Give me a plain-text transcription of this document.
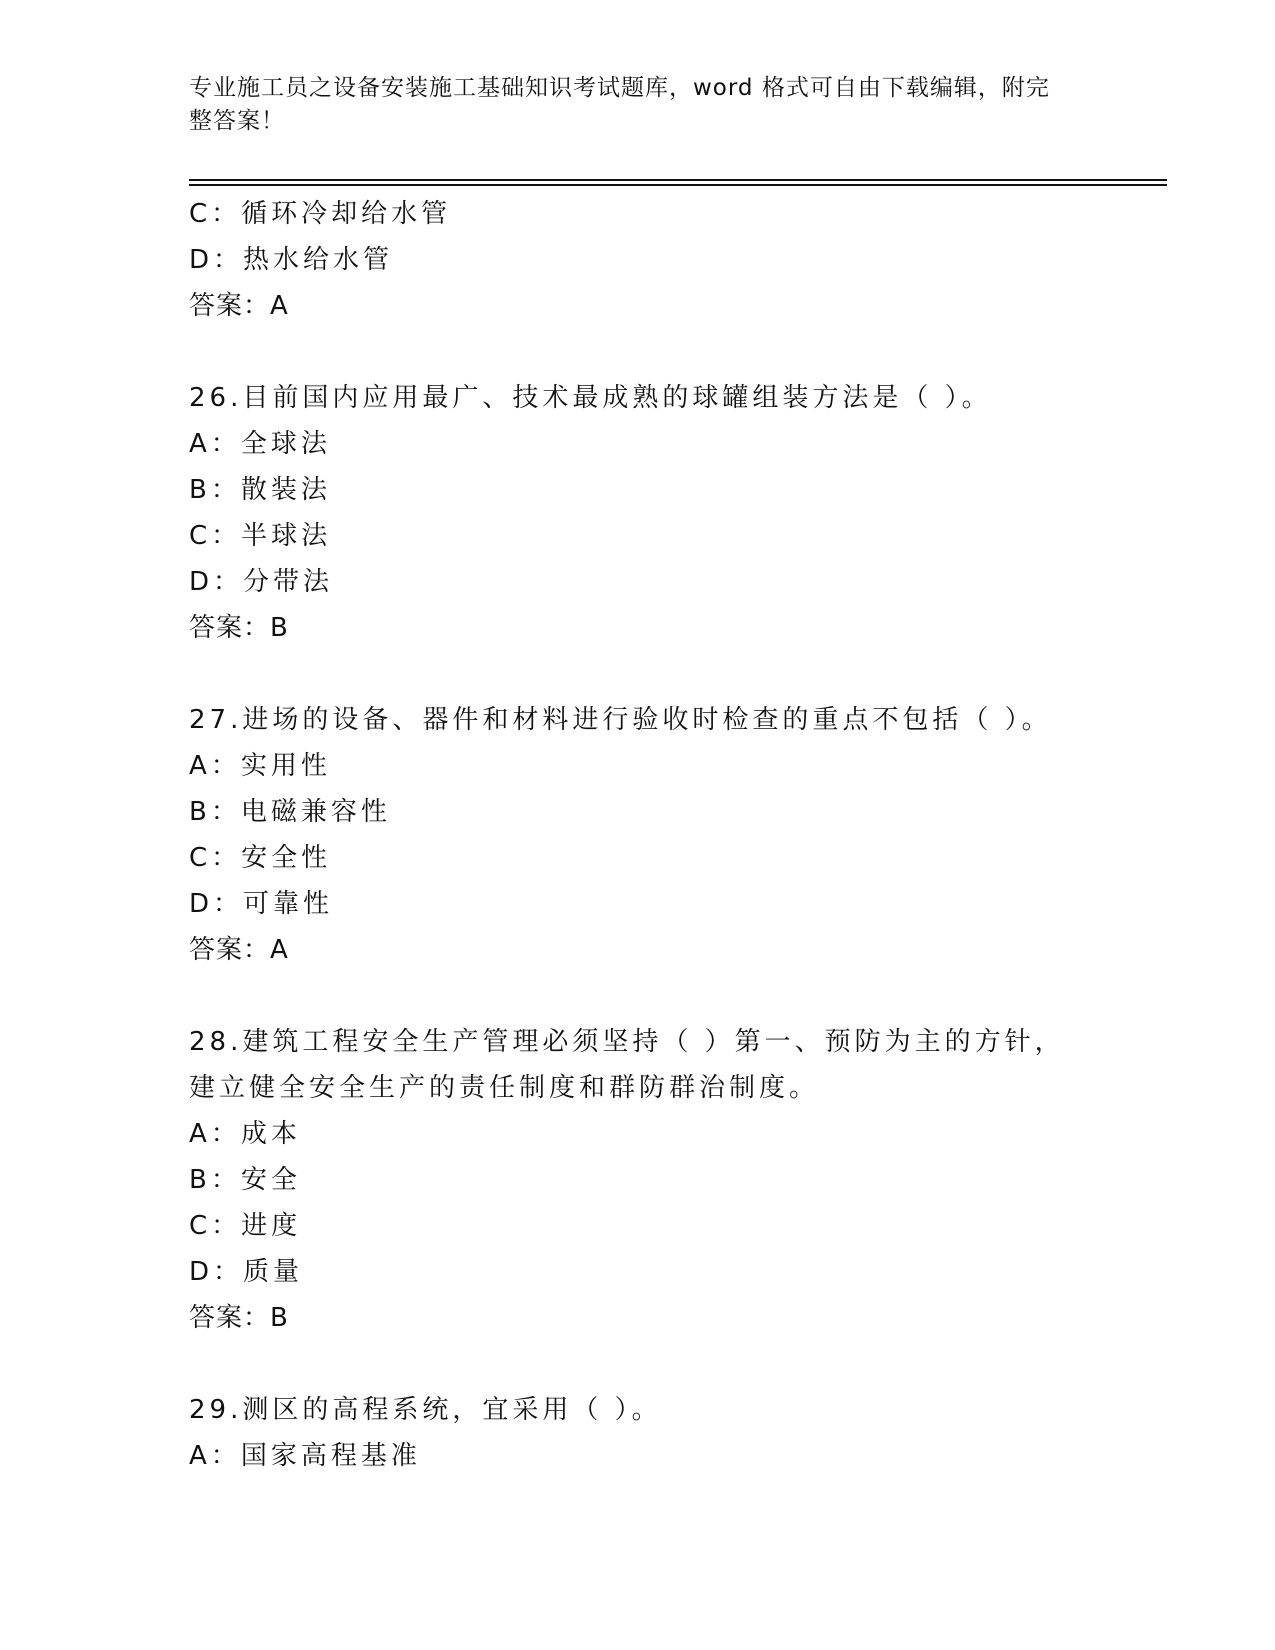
专业施工员之设备安装施工基础知识考试题库，word 格式可自由下载编辑，附完整答案！
C：循环冷却给水管
D：热水给水管
答案：A
26.目前国内应用最广、技术最成熟的球罐组装方法是（ ）。
A：全球法
B：散装法
C：半球法
D：分带法
答案：B
27.进场的设备、器件和材料进行验收时检查的重点不包括（ ）。
A：实用性
B：电磁兼容性
C：安全性
D：可靠性
答案：A
28.建筑工程安全生产管理必须坚持（ ）第一、预防为主的方针，建立健全安全生产的责任制度和群防群治制度。
A：成本
B：安全
C：进度
D：质量
答案：B
29.测区的高程系统，宜采用（ ）。
A：国家高程基准
